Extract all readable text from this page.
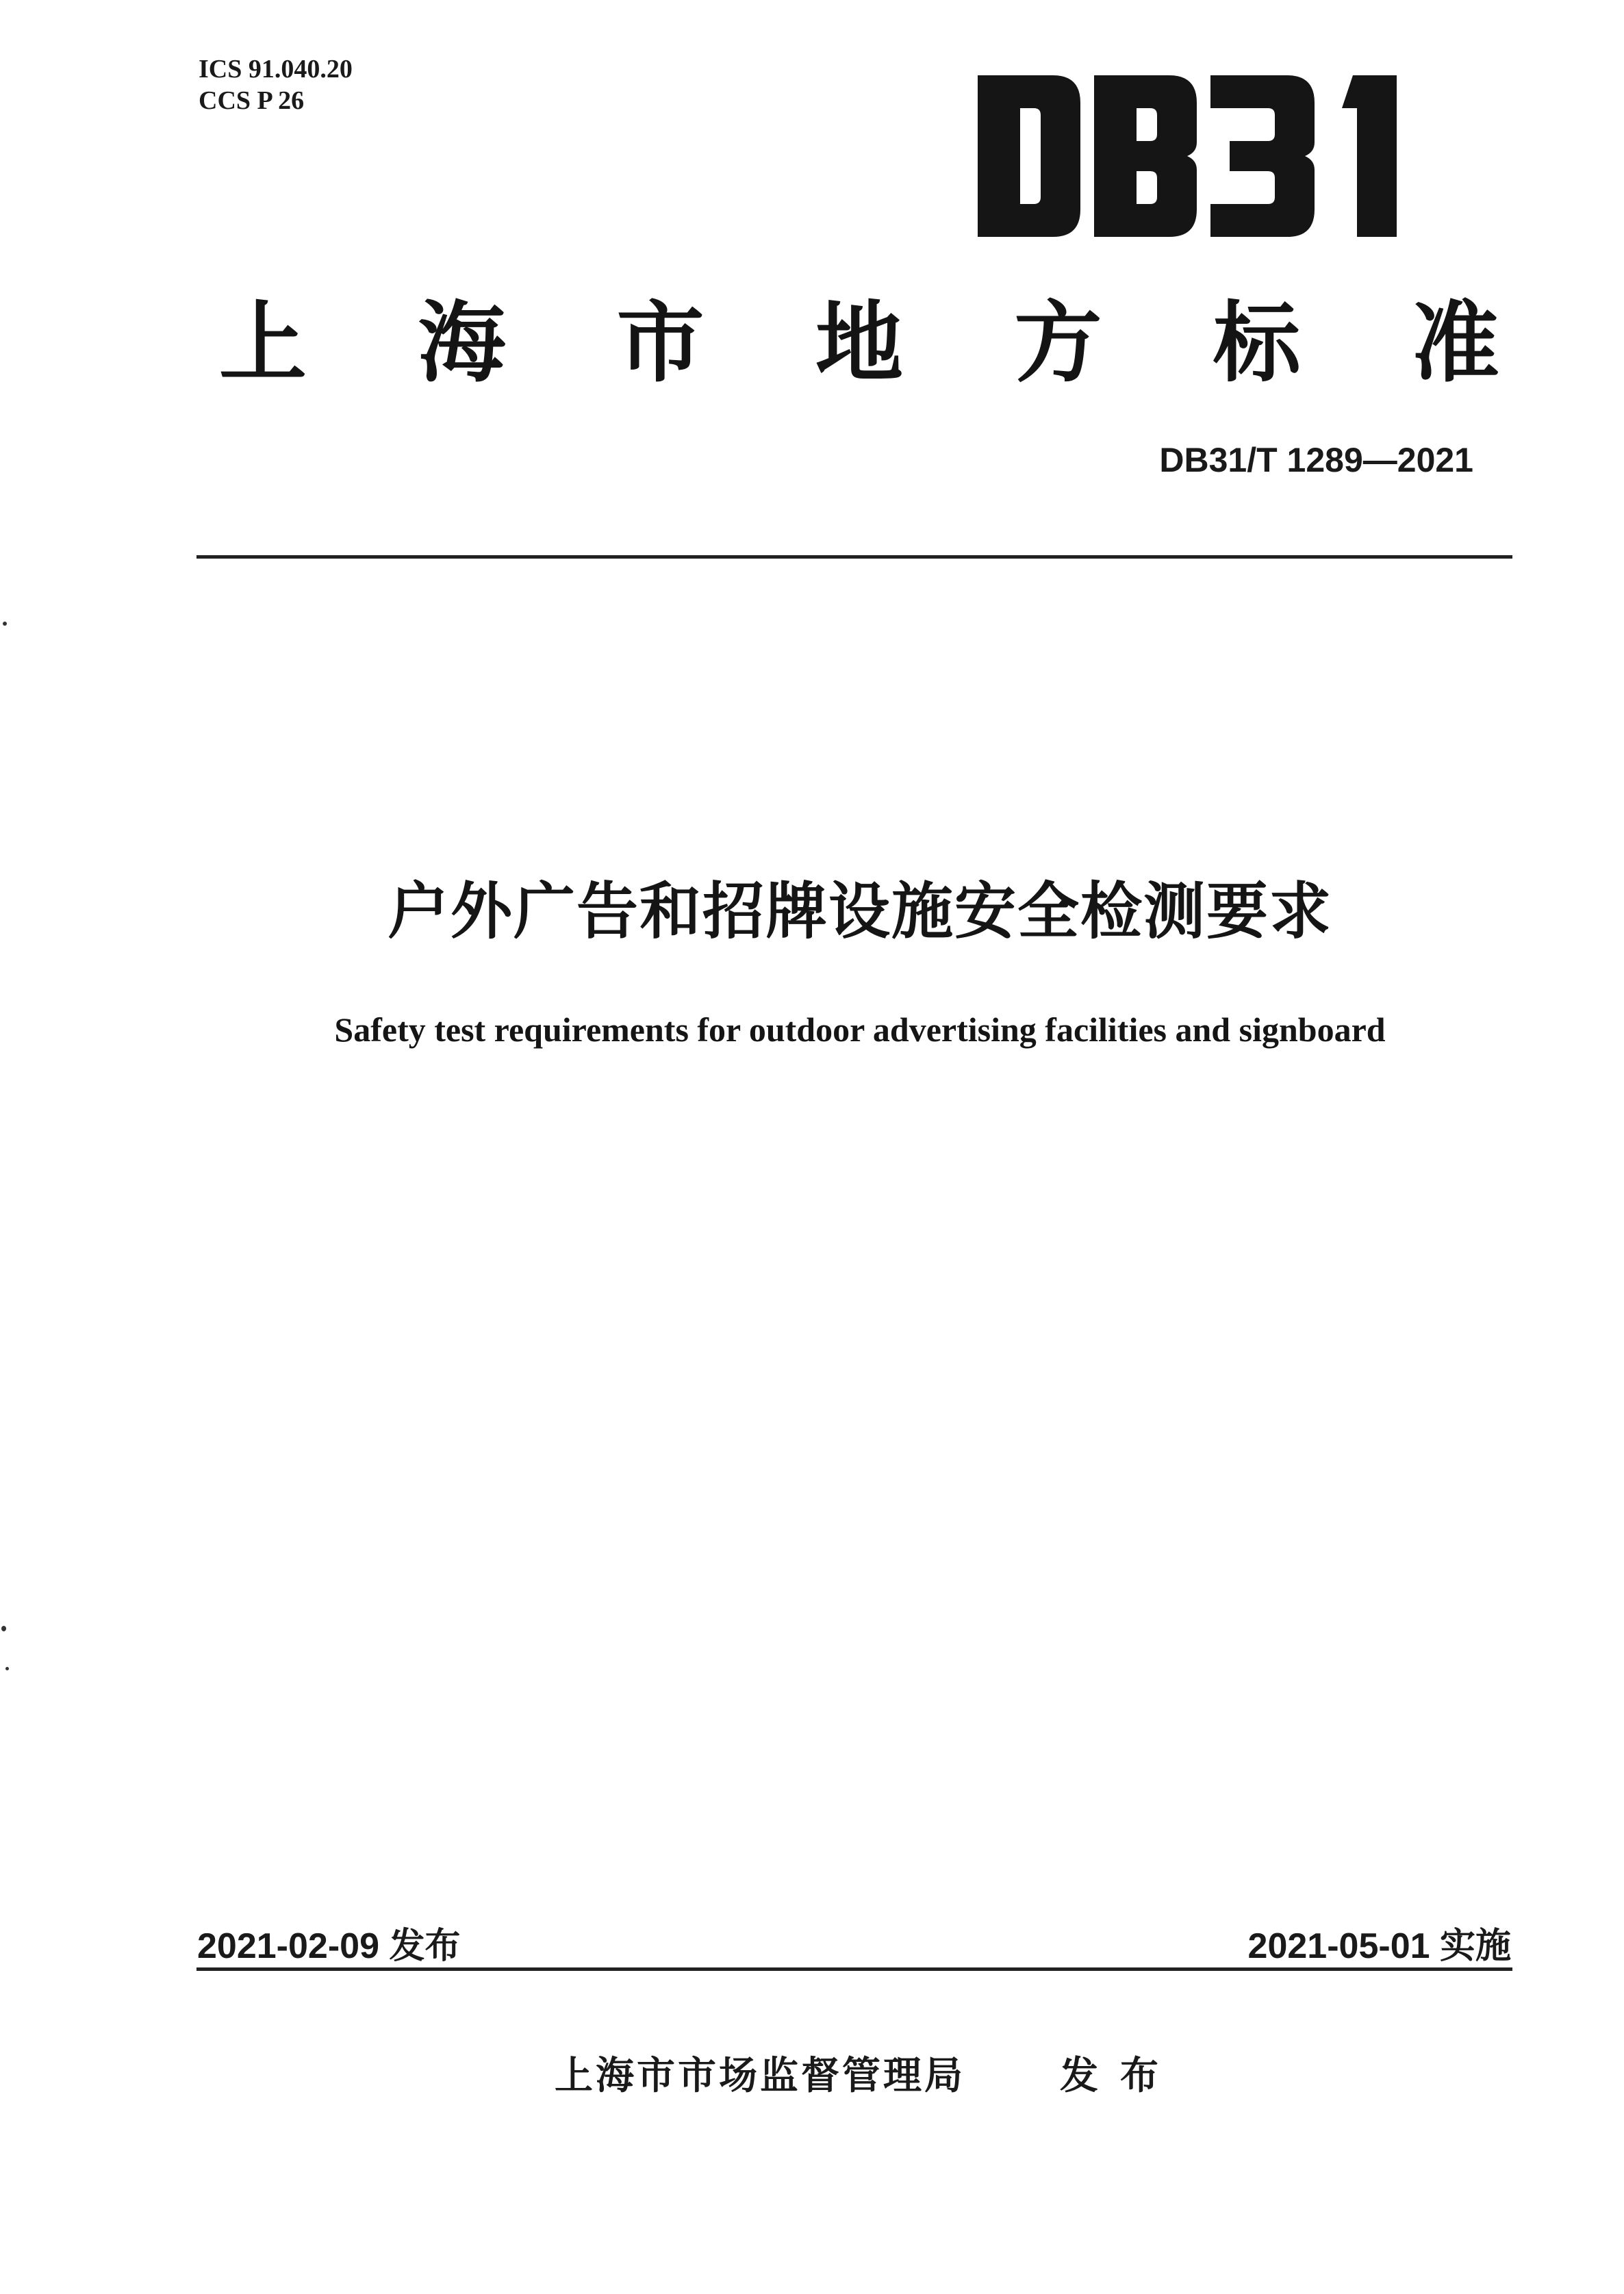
ICS 91.040.20
CCS P 26
上 海 市 地 方 标 准
DB31/T 1289—2021
户外广告和招牌设施安全检测要求
Safety test requirements for outdoor advertising facilities and signboard
2021-02-09 发布	2021-05-01 实施
上海市市场监督管理局 发布
